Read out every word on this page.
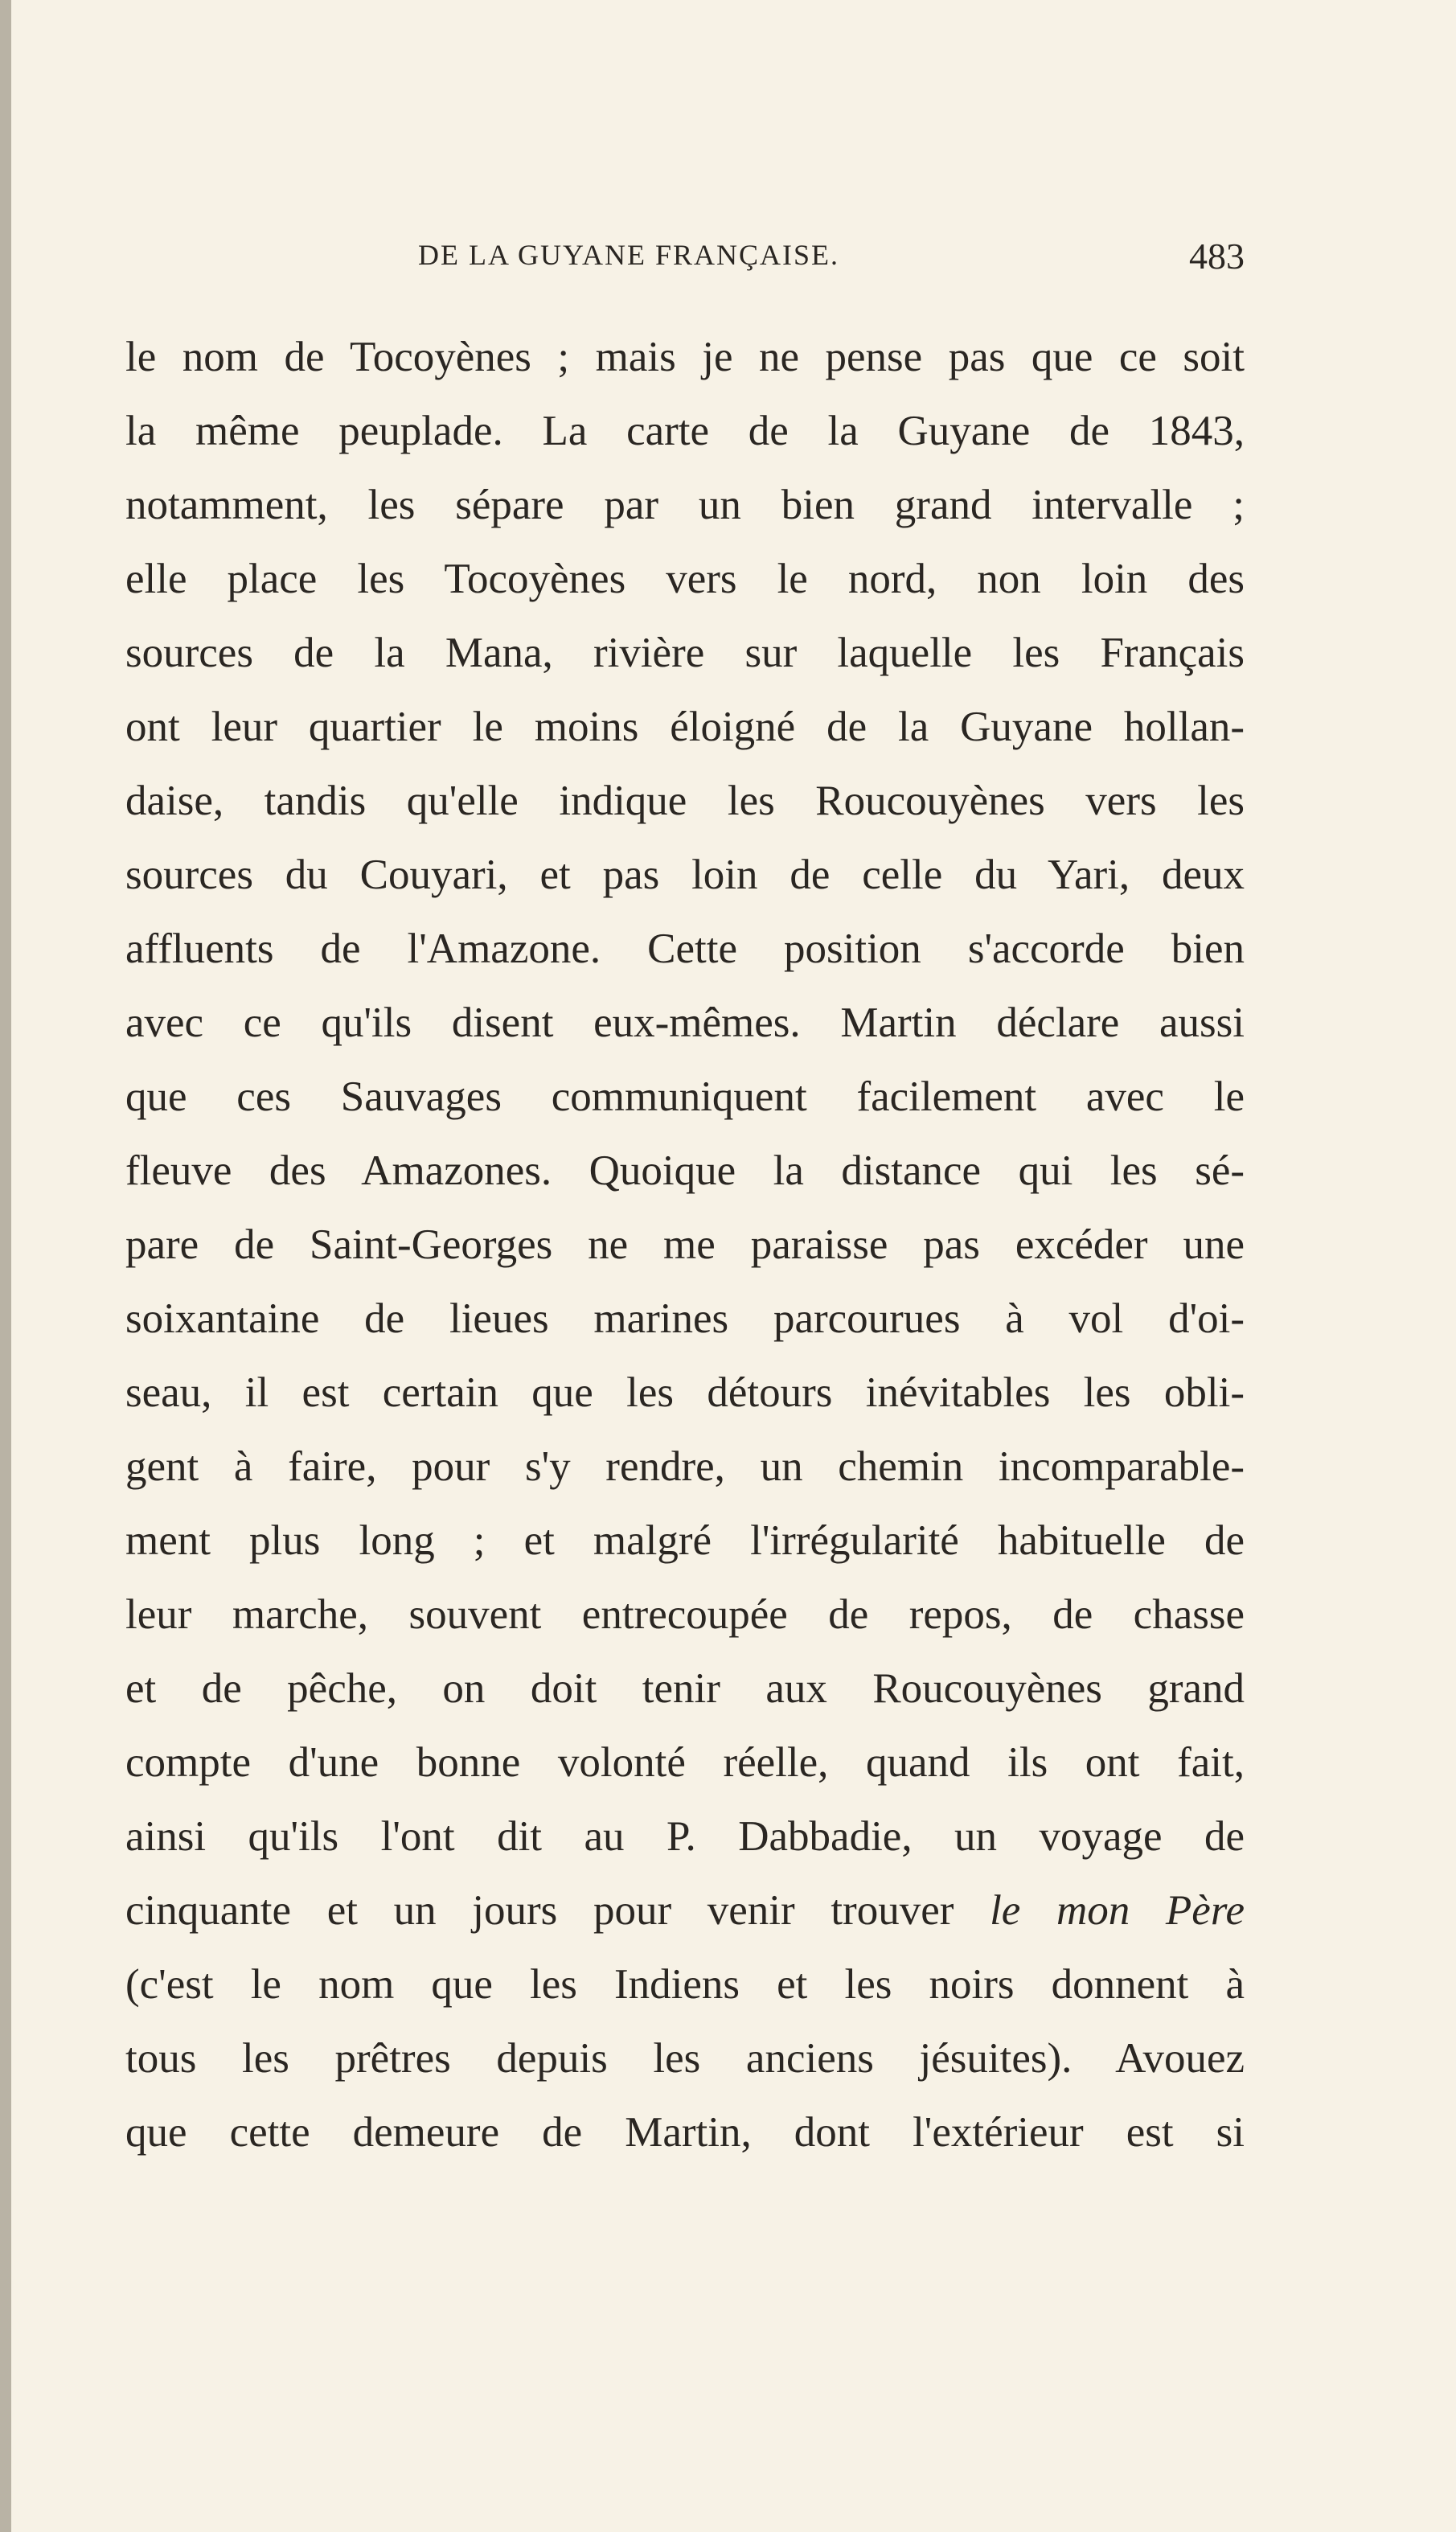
DE LA GUYANE FRANÇAISE.	483
le nom de Tocoyènes ; mais je ne pense pas que ce soit
la même peuplade. La carte de la Guyane de 1843,
notamment, les sépare par un bien grand intervalle ;
elle place les Tocoyènes vers le nord, non loin des
sources de la Mana, rivière sur laquelle les Français
ont leur quartier le moins éloigné de la Guyane hollan-
daise, tandis qu'elle indique les Roucouyènes vers les
sources du Couyari, et pas loin de celle du Yari, deux
affluents de l'Amazone. Cette position s'accorde bien
avec ce qu'ils disent eux-mêmes. Martin déclare aussi
que ces Sauvages communiquent facilement avec le
fleuve des Amazones. Quoique la distance qui les sé-
pare de Saint-Georges ne me paraisse pas excéder une
soixantaine de lieues marines parcourues à vol d'oi-
seau, il est certain que les détours inévitables les obli-
gent à faire, pour s'y rendre, un chemin incomparable-
ment plus long ; et malgré l'irrégularité habituelle de
leur marche, souvent entrecoupée de repos, de chasse
et de pêche, on doit tenir aux Roucouyènes grand
compte d'une bonne volonté réelle, quand ils ont fait,
ainsi qu'ils l'ont dit au P. Dabbadie, un voyage de
cinquante et un jours pour venir trouver le mon Père
(c'est le nom que les Indiens et les noirs donnent à
tous les prêtres depuis les anciens jésuites). Avouez
que cette demeure de Martin, dont l'extérieur est si
